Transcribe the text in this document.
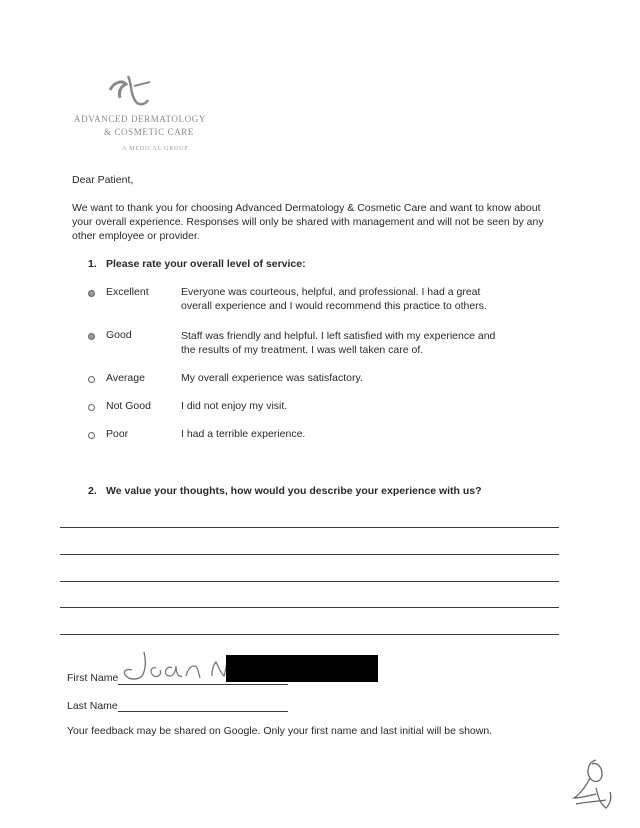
ADVANCED DERMATOLOGY
& COSMETIC CARE
A MEDICAL GROUP
Dear Patient,
We want to thank you for choosing Advanced Dermatology & Cosmetic Care and want to know about
your overall experience. Responses will only be shared with management and will not be seen by any
other employee or provider.
1. Please rate your overall level of service:
Excellent	Everyone was courteous, helpful, and professional. I had a great
overall experience and I would recommend this practice to others.
Good	Staff was friendly and helpful. I left satisfied with my experience and
the results of my treatment. I was well taken care of.
Average	My overall experience was satisfactory.
Not Good	I did not enjoy my visit.
Poor	I had a terrible experience.
2. We value your thoughts, how would you describe your experience with us?
First Name
Last Name
Your feedback may be shared on Google. Only your first name and last initial will be shown.
